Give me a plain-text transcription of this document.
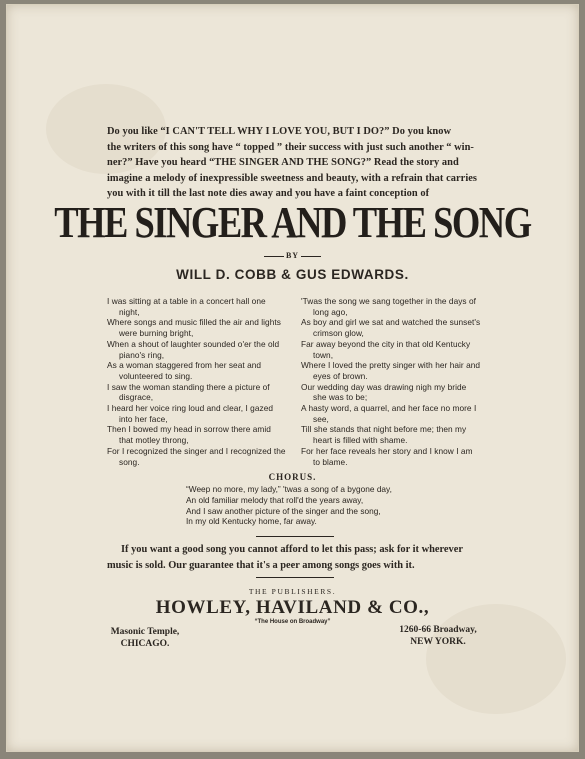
Do you like “I CAN'T TELL WHY I LOVE YOU, BUT I DO?” Do you know
the writers of this song have “ topped ” their success with just such another “ win-
ner?” Have you heard “THE SINGER AND THE SONG?” Read the story and
imagine a melody of inexpressible sweetness and beauty, with a refrain that carries
you with it till the last note dies away and you have a faint conception of
THE SINGER AND THE SONG
BY
WILL D. COBB & GUS EDWARDS.
I was sitting at a table in a concert hall one night,
Where songs and music filled the air and lights were burning bright,
When a shout of laughter sounded o'er the old piano's ring,
As a woman staggered from her seat and volunteered to sing.
I saw the woman standing there a picture of disgrace,
I heard her voice ring loud and clear, I gazed into her face,
Then I bowed my head in sorrow there amid that motley throng,
For I recognized the singer and I recognized the song.
'Twas the song we sang together in the days of long ago,
As boy and girl we sat and watched the sunset's crimson glow,
Far away beyond the city in that old Kentucky town,
Where I loved the pretty singer with her hair and eyes of brown.
Our wedding day was drawing nigh my bride she was to be;
A hasty word, a quarrel, and her face no more I see,
Till she stands that night before me; then my heart is filled with shame.
For her face reveals her story and I know I am to blame.
CHORUS.
“Weep no more, my lady,” 'twas a song of a bygone day,
An old familiar melody that roll'd the years away,
And I saw another picture of the singer and the song,
In my old Kentucky home, far away.
If you want a good song you cannot afford to let this pass; ask for it wherever
music is sold. Our guarantee that it's a peer among songs goes with it.
THE PUBLISHERS.
HOWLEY, HAVILAND & CO.,
“The House on Broadway”
Masonic Temple,
CHICAGO.
1260-66 Broadway,
NEW YORK.
